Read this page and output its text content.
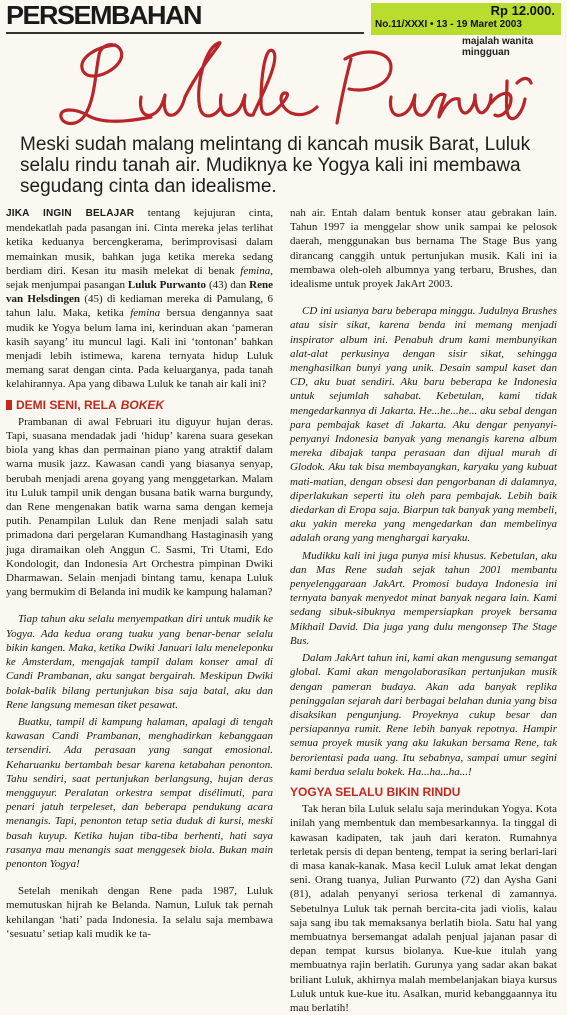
PERSEMBAHAN	Rp 12.000.
No.11/XXXI • 13 - 19 Maret 2003
majalah wanita mingguan
Meski sudah malang melintang di kancah musik Barat, Luluk selalu rindu tanah air. Mudiknya ke Yogya kali ini membawa segudang cinta dan idealisme.

JIKA INGIN BELAJAR tentang kejujuran cinta, mendekatlah pada pasangan ini. Cinta mereka jelas terlihat ketika keduanya bercengkerama, berimprovisasi dalam memainkan musik, bahkan juga ketika mereka sedang berdiam diri. Kesan itu masih melekat di benak femina, sejak menjumpai pasangan Luluk Purwanto (43) dan Rene van Helsdingen (45) di kediaman mereka di Pamulang, 6 tahun lalu. Maka, ketika femina bersua dengannya saat mudik ke Yogya belum lama ini, kerinduan akan ‘pameran kasih sayang’ itu muncul lagi. Kali ini ‘tontonan’ bahkan menjadi lebih istimewa, karena ternyata hidup Luluk memang sarat dengan cinta. Pada keluarganya, pada tanah kelahirannya. Apa yang dibawa Luluk ke tanah air kali ini?

DEMI SENI, RELA BOKEK

Prambanan di awal Februari itu diguyur hujan deras. Tapi, suasana mendadak jadi ‘hidup’ karena suara gesekan biola yang khas dan permainan piano yang atraktif dalam warna musik jazz. Kawasan candi yang biasanya senyap, berubah menjadi arena goyang yang menggetarkan. Malam itu Luluk tampil unik dengan busana batik warna burgundy, dan Rene mengenakan batik warna sama dengan kemeja putih. Penampilan Luluk dan Rene menjadi salah satu primadona dari pergelaran Kumandhang Hastaginasih yang juga diramaikan oleh Anggun C. Sasmi, Tri Utami, Edo Kondologit, dan Indonesia Art Orchestra pimpinan Dwiki Dharmawan. Selain menjadi bintang tamu, kenapa Luluk yang bermukim di Belanda ini mudik ke kampung halaman?

Tiap tahun aku selalu menyempatkan diri untuk mudik ke Yogya. Ada kedua orang tuaku yang benar-benar selalu bikin kangen. Maka, ketika Dwiki Januari lalu meneleponku ke Amsterdam, mengajak tampil dalam konser amal di Candi Prambanan, aku sangat bergairah. Meskipun Dwiki bolak-balik bilang pertunjukan bisa saja batal, aku dan Rene langsung memesan tiket pesawat.

Buatku, tampil di kampung halaman, apalagi di tengah kawasan Candi Prambanan, menghadirkan kebanggaan tersendiri. Ada perasaan yang sangat emosional. Keharuanku bertambah besar karena ketabahan penonton. Tahu sendiri, saat pertunjukan berlangsung, hujan deras mengguyur. Peralatan orkestra sempat disélimuti, para penari jatuh terpeleset, dan beberapa pendukung acara menangis. Tapi, penonton tetap setia duduk di kursi, meski basah kuyup. Ketika hujan tiba-tiba berhenti, hati saya rasanya mau menangis saat menggesek biola. Bukan main penonton Yogya!

Setelah menikah dengan Rene pada 1987, Luluk memutuskan hijrah ke Belanda. Namun, Luluk tak pernah kehilangan ‘hati’ pada Indonesia. Ia selalu saja membawa ‘sesuatu’ setiap kali mudik ke ta-

nah air. Entah dalam bentuk konser atau gebrakan lain. Tahun 1997 ia menggelar show unik sampai ke pelosok daerah, menggunakan bus bernama The Stage Bus yang dirancang canggih untuk pertunjukan musik. Kali ini ia membawa oleh-oleh albumnya yang terbaru, Brushes, dan idealisme untuk proyek JakArt 2003.

CD ini usianya baru beberapa minggu. Judulnya Brushes atau sisir sikat, karena benda ini memang menjadi inspirator album ini. Penabuh drum kami membunyikan alat-alat perkusinya dengan sisir sikat, sehingga menghasilkan bunyi yang unik. Desain sampul kaset dan CD, aku buat sendiri. Aku baru beberapa ke Indonesia untuk sejumlah sahabat. Kebetulan, kami tidak mengedarkannya di Jakarta. He...he...he... aku sebal dengan para pembajak kaset di Jakarta. Aku dengar penyanyi-penyanyi Indonesia banyak yang menangis karena album mereka dibajak tanpa perasaan dan dijual murah di Glodok. Aku tak bisa membayangkan, karyaku yang kubuat mati-matian, dengan obsesi dan pengorbanan di dalamnya, diperlakukan seperti itu oleh para pembajak. Lebih baik diedarkan di Eropa saja. Biarpun tak banyak yang membeli, aku yakin mereka yang mengedarkan dan membelinya adalah orang yang menghargai karyaku.

Mudikku kali ini juga punya misi khusus. Kebetulan, aku dan Mas Rene sudah sejak tahun 2001 membantu penyelenggaraan JakArt. Promosi budaya Indonesia ini ternyata banyak menyedot minat banyak negara lain. Kami sedang sibuk-sibuknya mempersiapkan proyek bersama Mikhail David. Dia juga yang dulu mengonsep The Stage Bus.

Dalam JakArt tahun ini, kami akan mengusung semangat global. Kami akan mengolaborasikan pertunjukan musik dengan pameran budaya. Akan ada banyak replika peninggalan sejarah dari berbagai belahan dunia yang bisa disaksikan pengunjung. Proyeknya cukup besar dan persiapannya rumit. Rene lebih banyak repotnya. Hampir semua proyek musik yang aku lakukan bersama Rene, tak berorientasi pada uang. Itu sebabnya, sampai umur segini kami berdua selalu bokek. Ha...ha...ha...!

YOGYA SELALU BIKIN RINDU

Tak heran bila Luluk selalu saja merindukan Yogya. Kota inilah yang membentuk dan membesarkannya. Ia tinggal di kawasan kadipaten, tak jauh dari keraton. Rumahnya terletak persis di depan benteng, tempat ia sering berlari-lari di masa kanak-kanak. Masa kecil Luluk amat lekat dengan seni. Orang tuanya, Julian Purwanto (72) dan Aysha Gani (81), adalah penyanyi seriosa terkenal di zamannya. Sebetulnya Luluk tak pernah bercita-cita jadi violis, kalau saja sang ibu tak memaksanya berlatih biola. Satu hal yang membuatnya bersemangat adalah penjual jajanan pasar di depan tempat kursus biolanya. Kue-kue itulah yang membuatnya rajin berlatih. Gurunya yang sadar akan bakat briliant Luluk, akhirnya malah membelanjakan biaya kursus Luluk untuk kue-kue itu. Asalkan, murid kebanggaannya itu mau berlatih!
